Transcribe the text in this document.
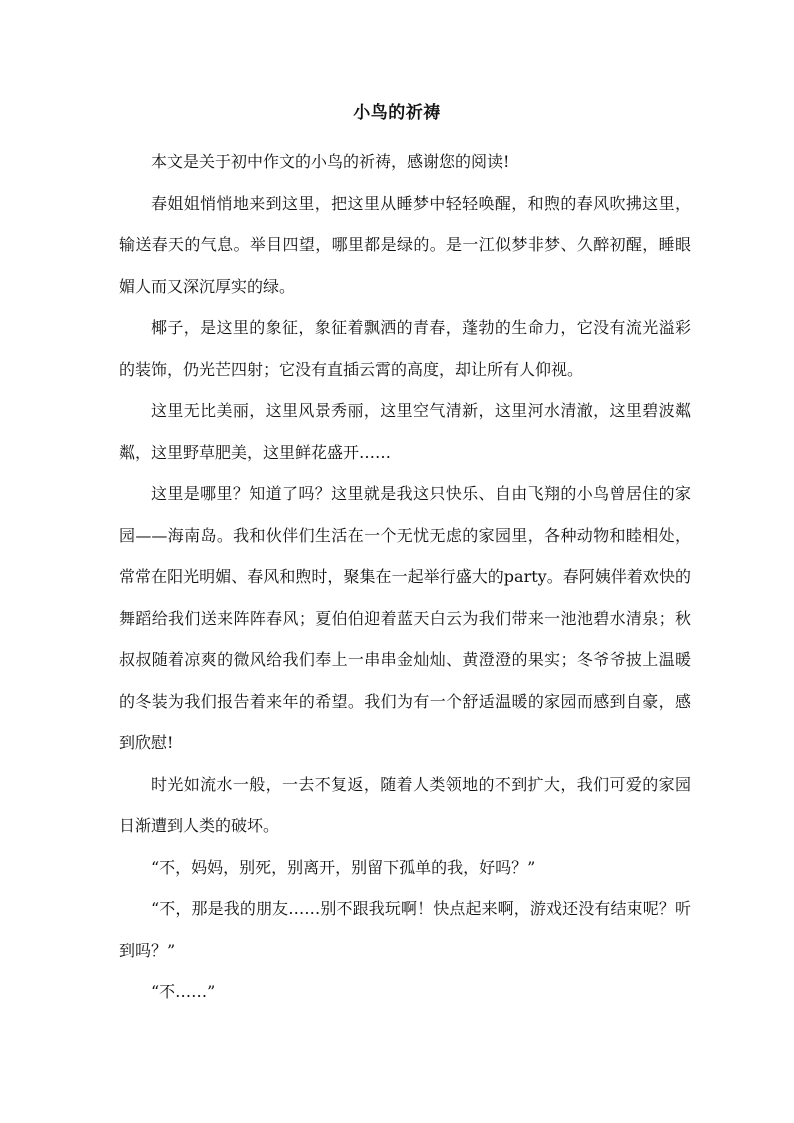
小鸟的祈祷

本文是关于初中作文的小鸟的祈祷，感谢您的阅读!

春姐姐悄悄地来到这里，把这里从睡梦中轻轻唤醒，和煦的春风吹拂这里，输送春天的气息。举目四望，哪里都是绿的。是一江似梦非梦、久醉初醒，睡眼媚人而又深沉厚实的绿。

椰子，是这里的象征，象征着飘洒的青春，蓬勃的生命力，它没有流光溢彩的装饰，仍光芒四射；它没有直插云霄的高度，却让所有人仰视。

这里无比美丽，这里风景秀丽，这里空气清新，这里河水清澈，这里碧波粼粼，这里野草肥美，这里鲜花盛开……

这里是哪里？知道了吗？这里就是我这只快乐、自由飞翔的小鸟曾居住的家园——海南岛。我和伙伴们生活在一个无忧无虑的家园里，各种动物和睦相处，常常在阳光明媚、春风和煦时，聚集在一起举行盛大的party。春阿姨伴着欢快的舞蹈给我们送来阵阵春风；夏伯伯迎着蓝天白云为我们带来一池池碧水清泉；秋叔叔随着凉爽的微风给我们奉上一串串金灿灿、黄澄澄的果实；冬爷爷披上温暖的冬装为我们报告着来年的希望。我们为有一个舒适温暖的家园而感到自豪，感到欣慰!

时光如流水一般，一去不复返，随着人类领地的不到扩大，我们可爱的家园日渐遭到人类的破坏。

“不，妈妈，别死，别离开，别留下孤单的我，好吗？”

“不，那是我的朋友……别不跟我玩啊！快点起来啊，游戏还没有结束呢？听到吗？”

“不……”
